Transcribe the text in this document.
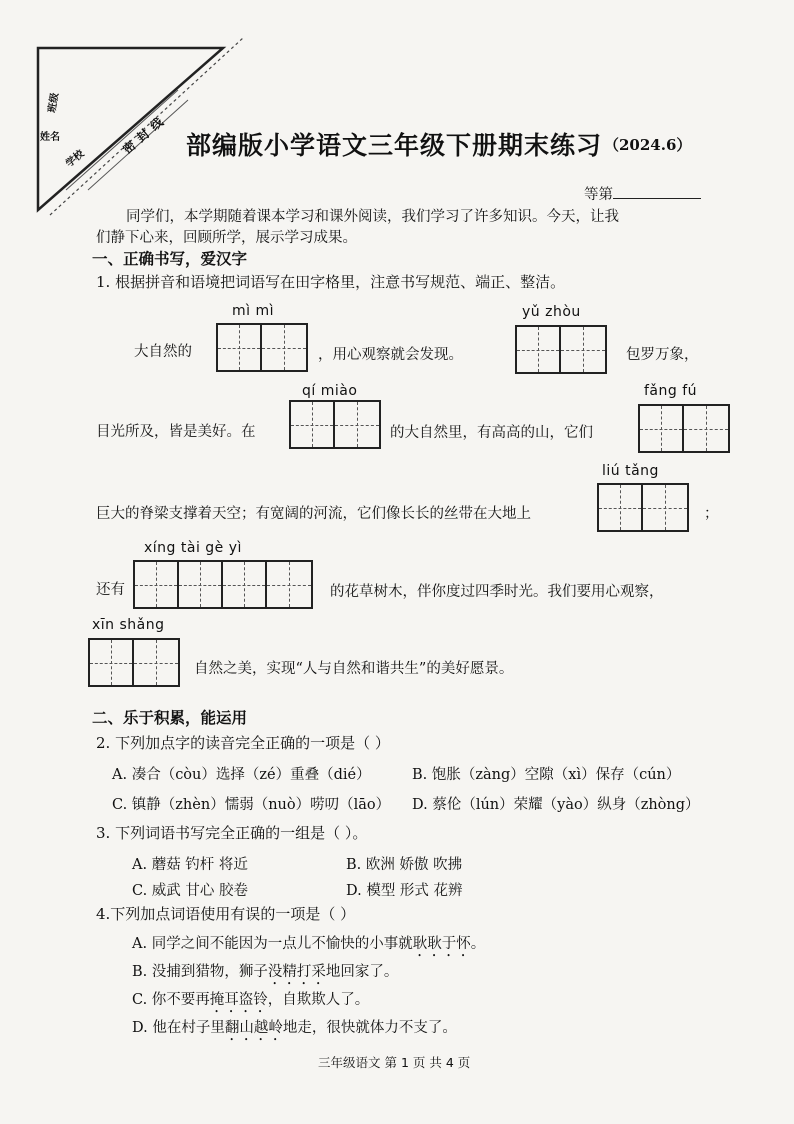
班级
姓名
学校
密封线 部编版小学语文三年级下册期末练习 （2024.6）
等第
同学们，本学期随着课本学习和课外阅读，我们学习了许多知识。今天，让我
们静下心来，回顾所学，展示学习成果。
一、正确书写，爱汉字
1. 根据拼音和语境把词语写在田字格里，注意书写规范、端正、整洁。
mì mì
大自然的	，用心观察就会发现。
yǔ zhòu
包罗万象，
qí miào
目光所及，皆是美好。在	的大自然里，有高高的山，它们
fǎng fú
liú tǎng
巨大的脊梁支撑着天空；有宽阔的河流，它们像长长的丝带在大地上	；
xíng tài gè yì
还有	的花草树木，伴你度过四季时光。我们要用心观察，
xīn shǎng
自然之美，实现“人与自然和谐共生”的美好愿景。
二、乐于积累，能运用
2. 下列加点字的读音完全正确的一项是（ ）
A. 凑合（còu）选择（zé）重叠（dié）	B. 饱胀（zàng）空隙（xì）保存（cún）
C. 镇静（zhèn）懦弱（nuò）唠叨（lāo） D. 蔡伦（lún）荣耀（yào）纵身（zhòng）
3. 下列词语书写完全正确的一组是（ ）。
A. 蘑菇 钓杆 将近	B. 欧洲 娇傲 吹拂
C. 威武 甘心 胶卷	D. 模型 形式 花辨
4.下列加点词语使用有误的一项是（ ）
A. 同学之间不能因为一点儿不愉快的小事就耿耿于怀。
B. 没捕到猎物，狮子没精打采地回家了。
C. 你不要再掩耳盗铃，自欺欺人了。
D. 他在村子里翻山越岭地走，很快就体力不支了。
三年级语文 第 1 页 共 4 页
